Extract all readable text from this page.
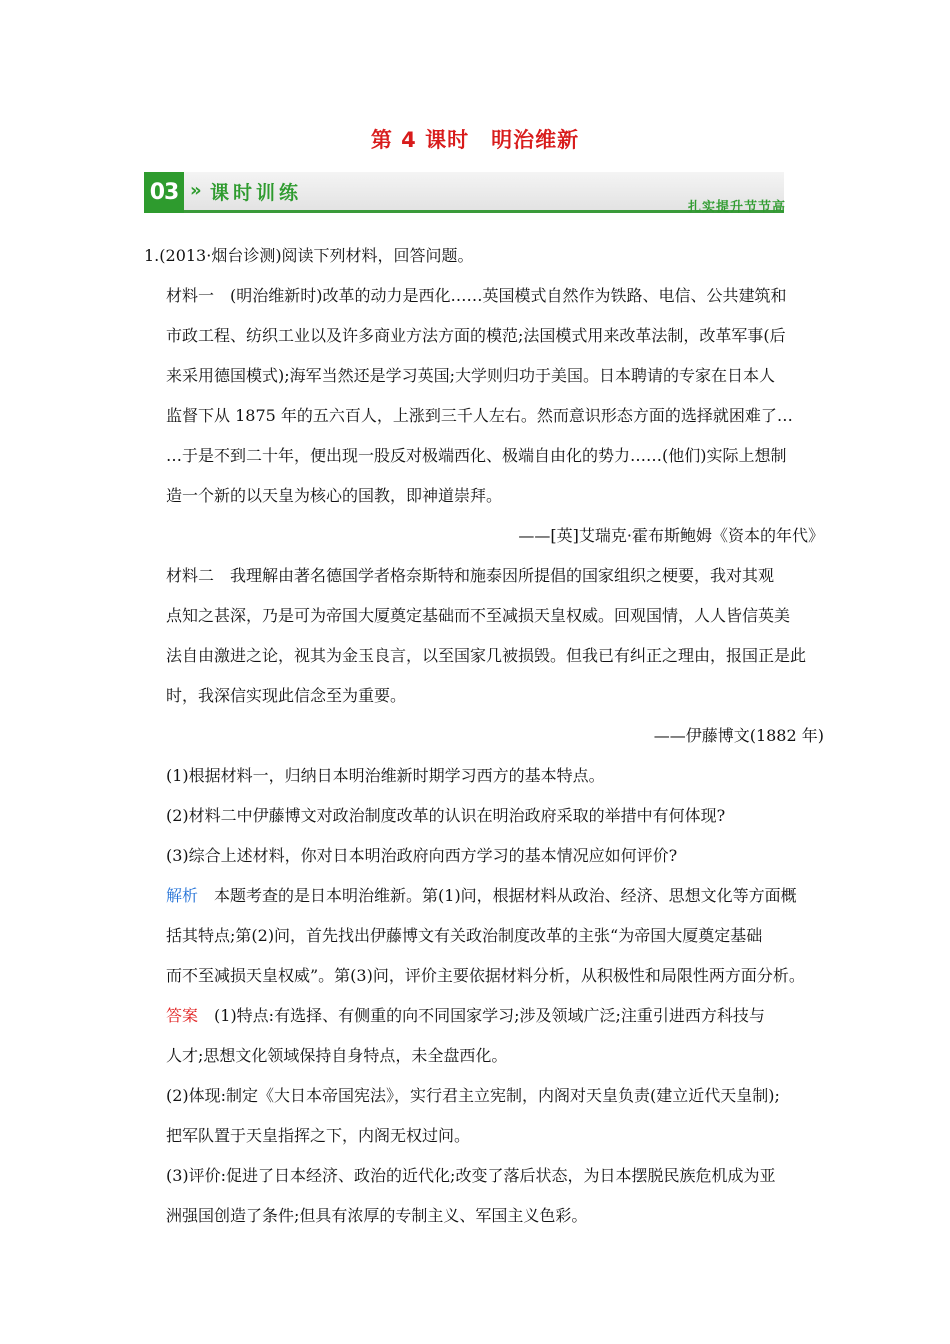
第 4 课时　明治维新
03 » 课时训练
扎实提升节节高
1.(2013·烟台诊测)阅读下列材料，回答问题。
材料一　(明治维新时)改革的动力是西化……英国模式自然作为铁路、电信、公共建筑和
市政工程、纺织工业以及许多商业方法方面的模范;法国模式用来改革法制，改革军事(后
来采用德国模式);海军当然还是学习英国;大学则归功于美国。日本聘请的专家在日本人
监督下从 1875 年的五六百人，上涨到三千人左右。然而意识形态方面的选择就困难了…
…于是不到二十年，便出现一股反对极端西化、极端自由化的势力……(他们)实际上想制
造一个新的以天皇为核心的国教，即神道崇拜。
——[英]艾瑞克·霍布斯鲍姆《资本的年代》
材料二　我理解由著名德国学者格奈斯特和施泰因所提倡的国家组织之梗要，我对其观
点知之甚深，乃是可为帝国大厦奠定基础而不至减损天皇权威。回观国情，人人皆信英美
法自由激进之论，视其为金玉良言，以至国家几被损毁。但我已有纠正之理由，报国正是此
时，我深信实现此信念至为重要。
——伊藤博文(1882 年)
(1)根据材料一，归纳日本明治维新时期学习西方的基本特点。
(2)材料二中伊藤博文对政治制度改革的认识在明治政府采取的举措中有何体现?
(3)综合上述材料，你对日本明治政府向西方学习的基本情况应如何评价?
解析　本题考查的是日本明治维新。第(1)问，根据材料从政治、经济、思想文化等方面概
括其特点;第(2)问，首先找出伊藤博文有关政治制度改革的主张“为帝国大厦奠定基础
而不至减损天皇权威”。第(3)问，评价主要依据材料分析，从积极性和局限性两方面分析。
答案　(1)特点:有选择、有侧重的向不同国家学习;涉及领域广泛;注重引进西方科技与
人才;思想文化领域保持自身特点，未全盘西化。
(2)体现:制定《大日本帝国宪法》，实行君主立宪制，内阁对天皇负责(建立近代天皇制);
把军队置于天皇指挥之下，内阁无权过问。
(3)评价:促进了日本经济、政治的近代化;改变了落后状态，为日本摆脱民族危机成为亚
洲强国创造了条件;但具有浓厚的专制主义、军国主义色彩。
